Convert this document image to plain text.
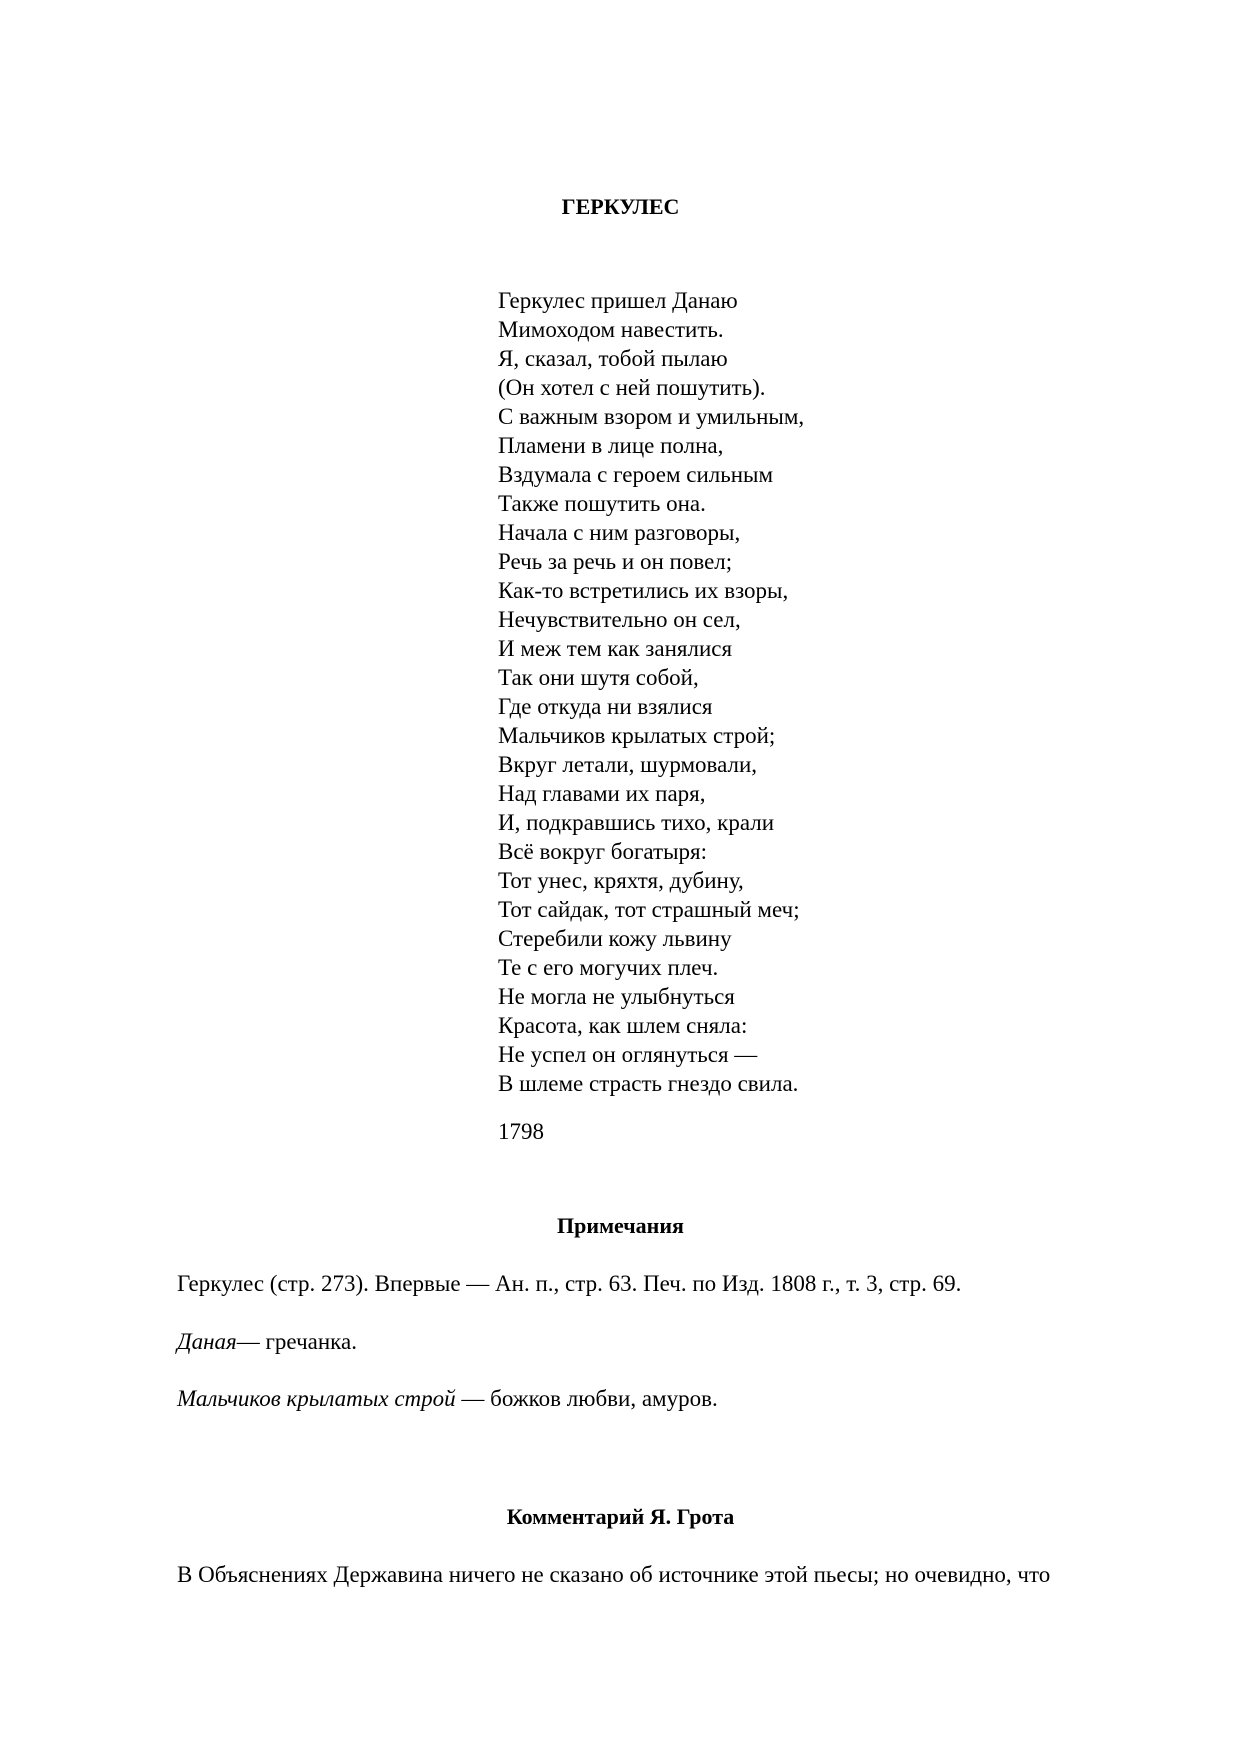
ГЕРКУЛЕС
Геркулес пришел Данаю
Мимоходом навестить.
Я, сказал, тобой пылаю
(Он хотел с ней пошутить).
С важным взором и умильным,
Пламени в лице полна,
Вздумала с героем сильным
Также пошутить она.
Начала с ним разговоры,
Речь за речь и он повел;
Как-то встретились их взоры,
Нечувствительно он сел,
И меж тем как занялися
Так они шутя собой,
Где откуда ни взялися
Мальчиков крылатых строй;
Вкруг летали, шурмовали,
Над главами их паря,
И, подкравшись тихо, крали
Всё вокруг богатыря:
Тот унес, кряхтя, дубину,
Тот сайдак, тот страшный меч;
Стеребили кожу львину
Те с его могучих плеч.
Не могла не улыбнуться
Красота, как шлем сняла:
Не успел он оглянуться —
В шлеме страсть гнездо свила.

1798

Примечания

Геркулес (стр. 273). Впервые — Ан. п., стр. 63. Печ. по Изд. 1808 г., т. 3, стр. 69.

Даная— гречанка.

Мальчиков крылатых строй — божков любви, амуров.

Комментарий Я. Грота

В Объяснениях Державина ничего не сказано об источнике этой пьесы; но очевидно, что
